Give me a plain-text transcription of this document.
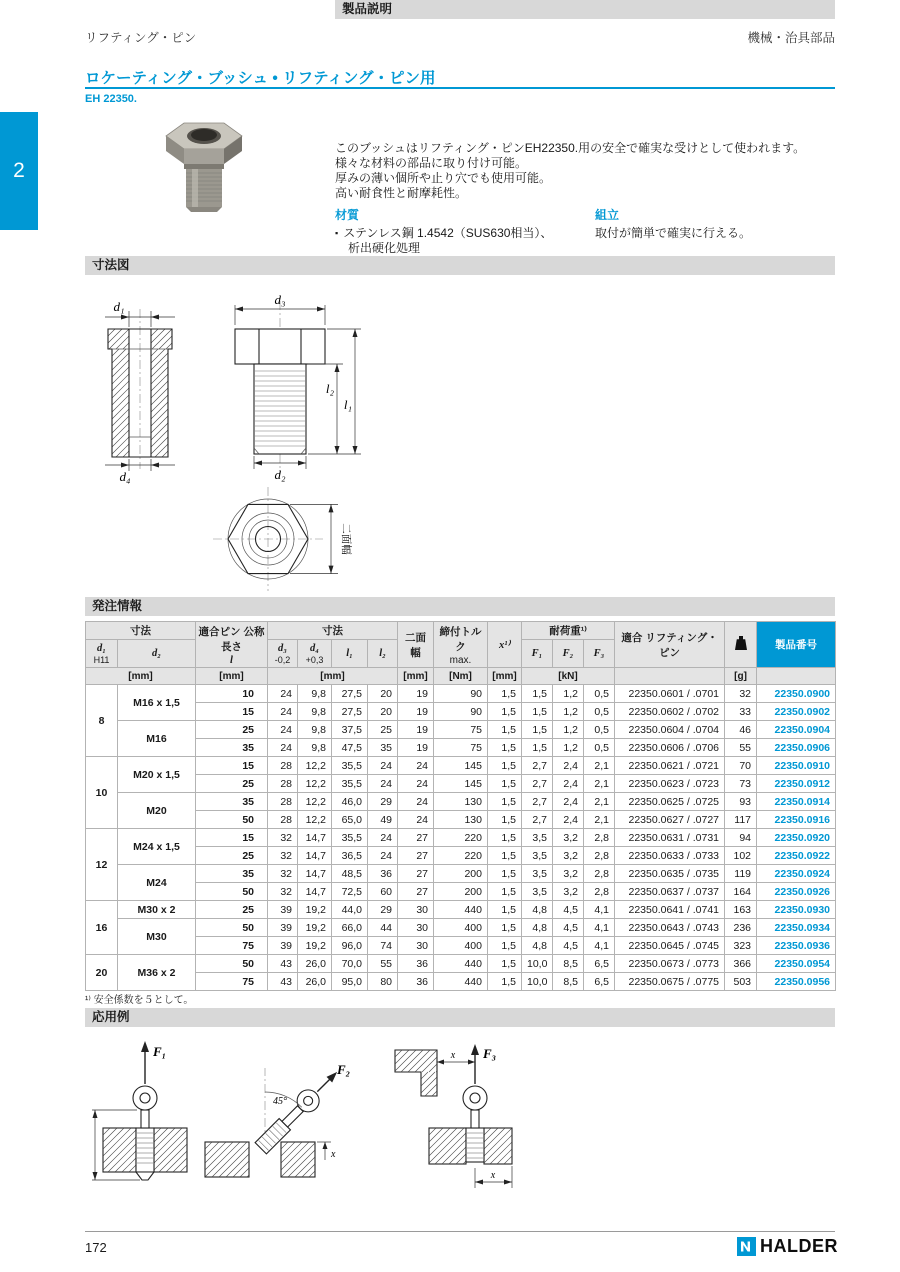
リフティング・ピン	機械・治具部品
ロケーティング・ブッシュ • リフティング・ピン用
EH 22350.
2
製品説明
このブッシュはリフティング・ピンEH22350.用の安全で確実な受けとして使われます。
様々な材料の部品に取り付け可能。
厚みの薄い個所や止り穴でも使用可能。
高い耐食性と耐摩耗性。
材質
▪ ステンレス鋼 1.4542（SUS630相当）、
析出硬化処理
組立
取付が簡単で確実に行える。
寸法図
d₁
d₄
d₃
d₂
l₂
l₁
二面幅
発注情報
寸法		適合ピン 公称長さ
l	寸法				二面幅	締付トルク
max.	x¹⁾	耐荷重¹⁾			適合 リフティング・ピン		製品番号
d₁
H11	d₂		d₃
-0,2	d₄
+0,3	l₁	l₂				F₁	F₂	F₃			
[mm]		[mm]	[mm]				[mm]	[Nm]	[mm]	[kN]				[g]	
8	M16 x 1,5	10	24	9,8	27,5	20	19	90	1,5	1,5	1,2	0,5	22350.0601 / .0701	32	22350.0900
		15	24	9,8	27,5	20	19	90	1,5	1,5	1,2	0,5	22350.0602 / .0702	33	22350.0902
	M16	25	24	9,8	37,5	25	19	75	1,5	1,5	1,2	0,5	22350.0604 / .0704	46	22350.0904
		35	24	9,8	47,5	35	19	75	1,5	1,5	1,2	0,5	22350.0606 / .0706	55	22350.0906
10	M20 x 1,5	15	28	12,2	35,5	24	24	145	1,5	2,7	2,4	2,1	22350.0621 / .0721	70	22350.0910
		25	28	12,2	35,5	24	24	145	1,5	2,7	2,4	2,1	22350.0623 / .0723	73	22350.0912
	M20	35	28	12,2	46,0	29	24	130	1,5	2,7	2,4	2,1	22350.0625 / .0725	93	22350.0914
		50	28	12,2	65,0	49	24	130	1,5	2,7	2,4	2,1	22350.0627 / .0727	117	22350.0916
12	M24 x 1,5	15	32	14,7	35,5	24	27	220	1,5	3,5	3,2	2,8	22350.0631 / .0731	94	22350.0920
		25	32	14,7	36,5	24	27	220	1,5	3,5	3,2	2,8	22350.0633 / .0733	102	22350.0922
	M24	35	32	14,7	48,5	36	27	200	1,5	3,5	3,2	2,8	22350.0635 / .0735	119	22350.0924
		50	32	14,7	72,5	60	27	200	1,5	3,5	3,2	2,8	22350.0637 / .0737	164	22350.0926
16	M30 x 2	25	39	19,2	44,0	29	30	440	1,5	4,8	4,5	4,1	22350.0641 / .0741	163	22350.0930
	M30	50	39	19,2	66,0	44	30	400	1,5	4,8	4,5	4,1	22350.0643 / .0743	236	22350.0934
		75	39	19,2	96,0	74	30	400	1,5	4,8	4,5	4,1	22350.0645 / .0745	323	22350.0936
20	M36 x 2	50	43	26,0	70,0	55	36	440	1,5	10,0	8,5	6,5	22350.0673 / .0773	366	22350.0954
		75	43	26,0	95,0	80	36	440	1,5	10,0	8,5	6,5	22350.0675 / .0775	503	22350.0956
¹⁾ 安全係数を５として。
応用例
F₁
45°
F₂
x
x F₃
x
172	HALDER
